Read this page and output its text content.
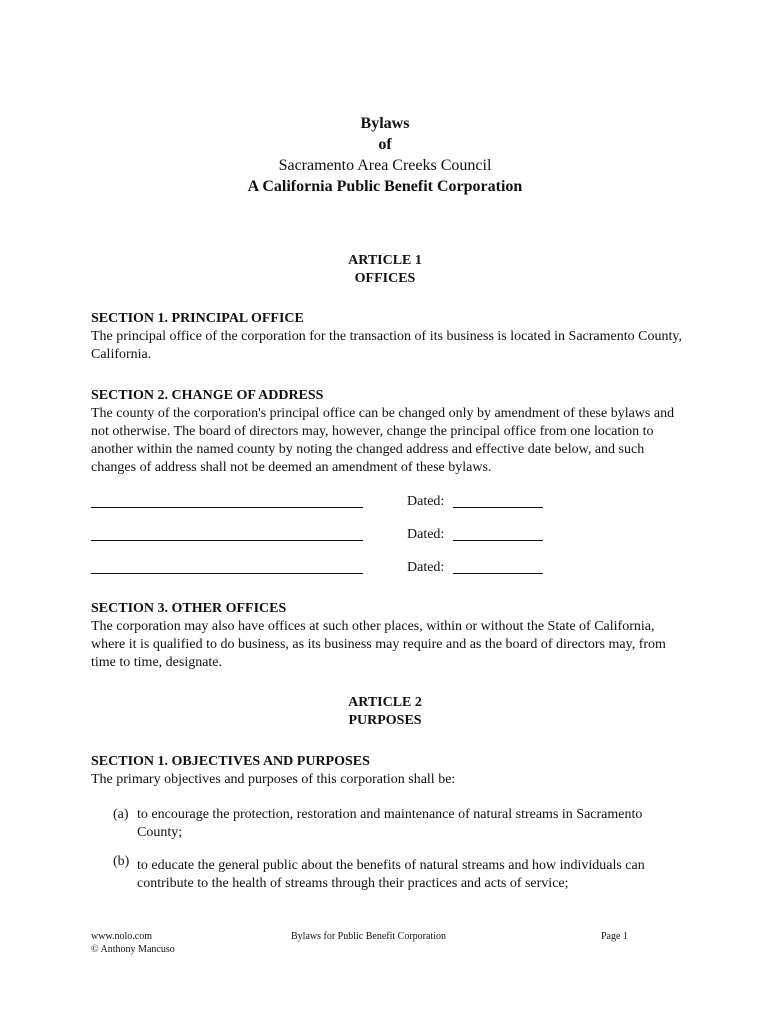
Bylaws
of
Sacramento Area Creeks Council
A California Public Benefit Corporation
ARTICLE 1
OFFICES
SECTION 1. PRINCIPAL OFFICE

The principal office of the corporation for the transaction of its business is located in Sacramento County, California.

SECTION 2. CHANGE OF ADDRESS

The county of the corporation's principal office can be changed only by amendment of these bylaws and not otherwise. The board of directors may, however, change the principal office from one location to another within the named county by noting the changed address and effective date below, and such changes of address shall not be deemed an amendment of these bylaws.

Dated:
Dated:
Dated:
SECTION 3. OTHER OFFICES

The corporation may also have offices at such other places, within or without the State of California, where it is qualified to do business, as its business may require and as the board of directors may, from time to time, designate.

ARTICLE 2
PURPOSES
SECTION 1. OBJECTIVES AND PURPOSES

The primary objectives and purposes of this corporation shall be:

(a) to encourage the protection, restoration and maintenance of natural streams in Sacramento County;
(b) to educate the general public about the benefits of natural streams and how individuals can contribute to the health of streams through their practices and acts of service;
www.nolo.com
© Anthony Mancuso
Bylaws for Public Benefit Corporation	Page 1
